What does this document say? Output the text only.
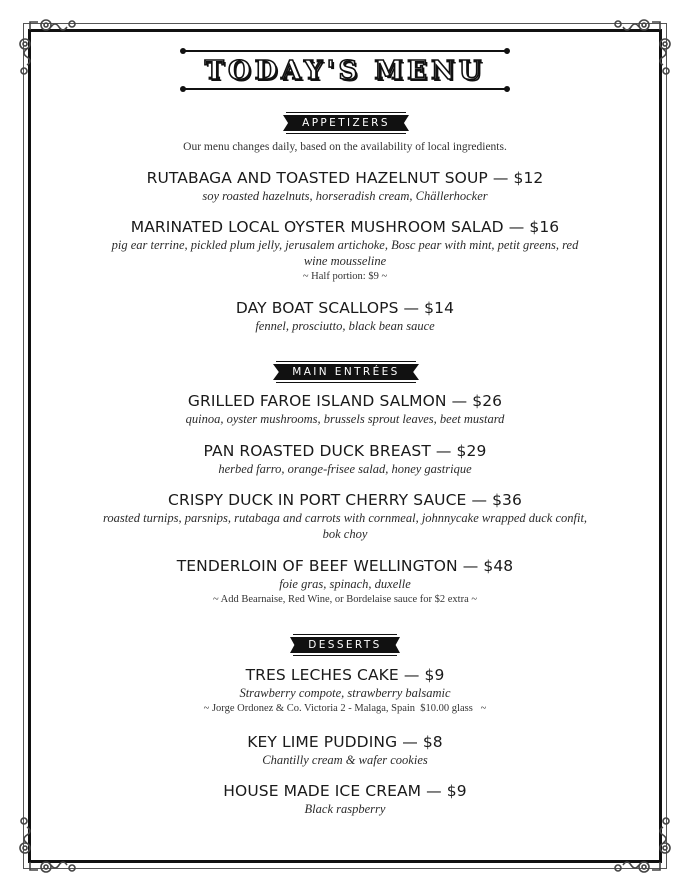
TODAY'S MENU
APPETIZERS
Our menu changes daily, based on the availability of local ingredients.
RUTABAGA AND TOASTED HAZELNUT SOUP — $12
soy roasted hazelnuts, horseradish cream, Chällerhocker
MARINATED LOCAL OYSTER MUSHROOM SALAD — $16
pig ear terrine, pickled plum jelly, jerusalem artichoke, Bosc pear with mint, petit greens, red wine mousseline
~ Half portion: $9 ~
DAY BOAT SCALLOPS — $14
fennel, prosciutto, black bean sauce
MAIN ENTRÉES
GRILLED FAROE ISLAND SALMON — $26
quinoa, oyster mushrooms, brussels sprout leaves, beet mustard
PAN ROASTED DUCK BREAST — $29
herbed farro, orange-frisee salad, honey gastrique
CRISPY DUCK IN PORT CHERRY SAUCE — $36
roasted turnips, parsnips, rutabaga and carrots with cornmeal, johnnycake wrapped duck confit, bok choy
TENDERLOIN OF BEEF WELLINGTON — $48
foie gras, spinach, duxelle
~ Add Bearnaise, Red Wine, or Bordelaise sauce for $2 extra ~
DESSERTS
TRES LECHES CAKE — $9
Strawberry compote, strawberry balsamic
~ Jorge Ordonez & Co. Victoria 2 - Malaga, Spain  $10.00 glass   ~
KEY LIME PUDDING — $8
Chantilly cream & wafer cookies
HOUSE MADE ICE CREAM — $9
Black raspberry
